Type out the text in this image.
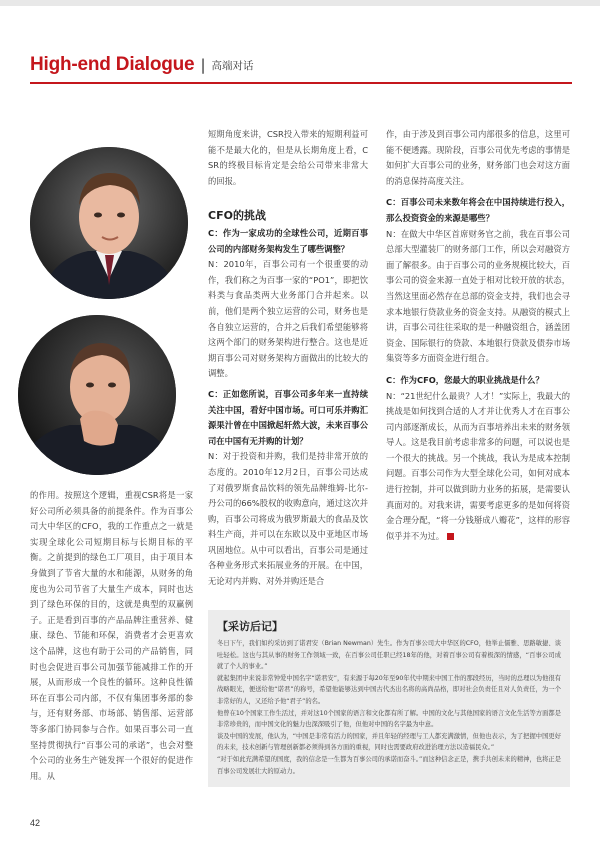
High-end Dialogue | 高端对话

的作用。按照这个逻辑，重视CSR将是一家好公司所必须具备的前提条件。作为百事公司大中华区的CFO，我的工作重点之一就是实现全球化公司短期目标与长期目标的平衡。之前提到的绿色工厂项目，由于项目本身做到了节省大量的水和能源，从财务的角度也为公司节省了大量生产成本，同时也达到了绿色环保的目的，这就是典型的双赢例子。正是看到百事的产品品牌注重营养、健康、绿色、节能和环保，消费者才会更喜欢这个品牌，这也有助于公司的产品销售，同时也会促进百事公司加强节能减排工作的开展，从而形成一个良性的循环。这种良性循环在百事公司内部，不仅有集团事务部的参与，还有财务部、市场部、销售部、运营部等多部门协同参与合作。如果百事公司一直坚持贯彻执行“百事公司的承诺”，也会对整个公司的业务生产链发挥一个很好的促进作用。从

短期角度来讲，CSR投入带来的短期利益可能不是最大化的，但是从长期角度上看，CSR的终极目标肯定是会给公司带来非常大的回报。

CFO的挑战

C：作为一家成功的全球性公司，近期百事公司的内部财务架构发生了哪些调整？

N：2010年，百事公司有一个很重要的动作，我们称之为百事一家的“PO1”，即把饮料类与食品类两大业务部门合并起来。以前，他们是两个独立运营的公司，财务也是各自独立运营的，合并之后我们希望能够将这两个部门的财务架构进行整合。这也是近期百事公司对财务架构方面做出的比较大的调整。

C：正如您所说，百事公司多年来一直持续关注中国，看好中国市场。可口可乐并购汇源果汁曾在中国掀起轩然大波，未来百事公司在中国有无并购的计划？

N：对于投资和并购，我们是持非常开放的态度的。2010年12月2日，百事公司达成了对俄罗斯食品饮料的领先品牌维姆-比尔-丹公司的66%股权的收购意向，通过这次并购，百事公司将成为俄罗斯最大的食品及饮料生产商，并可以在东欧以及中亚地区市场巩固地位。从中可以看出，百事公司是通过各种业务形式来拓展业务的开展。在中国，无论对内并购、对外并购还是合

作，由于涉及到百事公司内部很多的信息，这里可能不便透露。现阶段，百事公司优先考虑的事情是如何扩大百事公司的业务，财务部门也会对这方面的消息保持高度关注。

C：百事公司未来数年将会在中国持续进行投入，那么投资资金的来源是哪些？

N：在做大中华区首席财务官之前，我在百事公司总部大型灌装厂的财务部门工作，所以会对融资方面了解很多。由于百事公司的业务规模比较大，百事公司的资金来源一直处于相对比较开放的状态，当然这里面必然存在总部的资金支持，我们也会寻求本地银行贷款业务的资金支持。从融资的模式上讲，百事公司往往采取的是一种融资组合，涵盖团资金、国际银行的贷款、本地银行贷款及债券市场集资等多方面资金进行组合。

C：作为CFO，您最大的职业挑战是什么？

N：“21世纪什么最贵？人才！”实际上，我最大的挑战是如何找到合适的人才并让优秀人才在百事公司内部逐渐成长，从而为百事培养出未来的财务领导人。这是我目前考虑非常多的问题，可以说也是一个很大的挑战。另一个挑战，我认为是成本控制问题。百事公司作为大型全球化公司，如何对成本进行控制，并可以做到助力业务的拓展，是需要认真面对的。对我来讲，需要考虑更多的是如何将资金合理分配，“将一分钱掰成八瓣花”，这样的形容似乎并不为过。

【采访后记】

冬日下午，我们如约采访到了诺君安（Brian Newman）先生。作为百事公司大中华区的CFO，他举止儒雅、思路敏捷、谈吐轻松。这也与其从事的财务工作领域一致，在百事公司任职已经18年的他，对着百事公司有着极深的情感，“百事公司成就了个人的事业。”

就起集团中来说非常钟爱中国名字“诺君安”，有来源于每20年至90年代中期来中国工作的那段经历，当时的总理以为他很有战略眼光，便送给他“诺君”的称号，希望他能够达到中国古代杰出名将的高尚品格，即对社会负责任且对人负责任，为一个非常好的人，又还给予他“君子”的名。

他曾在10个国家工作生活过，并对这10个国家的语言和文化都有所了解。中国的文化与其他国家的语言文化生活等方面都是非常珍贵的，而中国文化的魅力也深深吸引了他，但他对中国的名字最为中意。

谈及中国的发展，他认为，“中国是非常有活力的国家，并且年轻的经理与工人都充满激情，但他也表示，为了把握中国更好的未来，技术创新与管理创新都必须得到各方面的重视，同时也需要政府改进治理方法以造福民众。”

“对于如此充满希望的国度，我的信念是一生都为百事公司的承诺而奋斗。”而这种信念正是，携手共创未来的精神，也将正是百事公司发展壮大的原动力。

42
